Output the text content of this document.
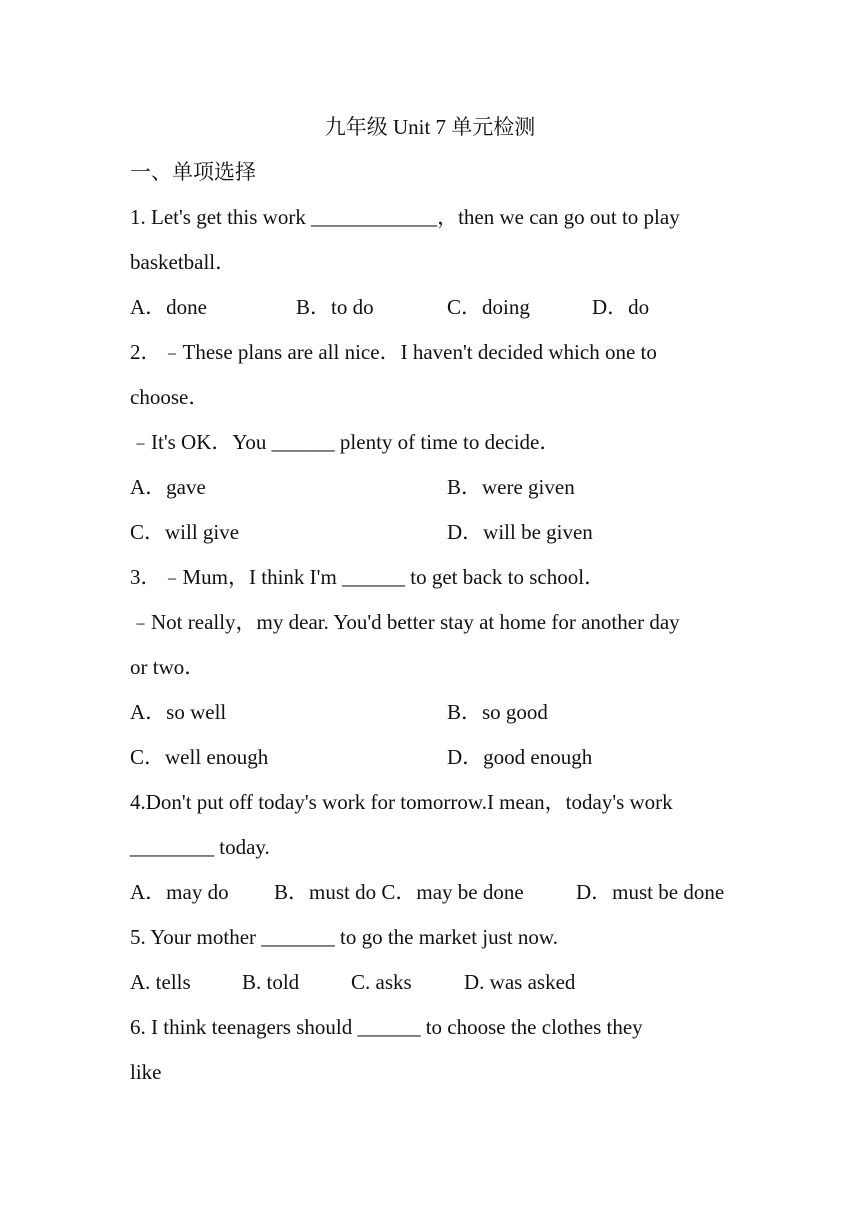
九年级 Unit 7 单元检测
一、单项选择
1. Let's get this work ____________，then we can go out to play
basketball．
A．done	B．to do	C．doing	D．do
2．﹣These plans are all nice．I haven't decided which one to
choose．
﹣It's OK．You ______ plenty of time to decide．
A．gave	B．were given
C．will give	D．will be given
3．﹣Mum，I think I'm ______ to get back to school．
﹣Not really，my dear. You'd better stay at home for another day
or two．
A．so well	B．so good
C．well enough	D．good enough
4.Don't put off today's work for tomorrow.I mean，today's work
________ today.
A．may do B．must do C．may be done D．must be done
5. Your mother _______ to go the market just now.
A. tells B. told C. asks D. was asked
6. I think teenagers should ______ to choose the clothes they
like
